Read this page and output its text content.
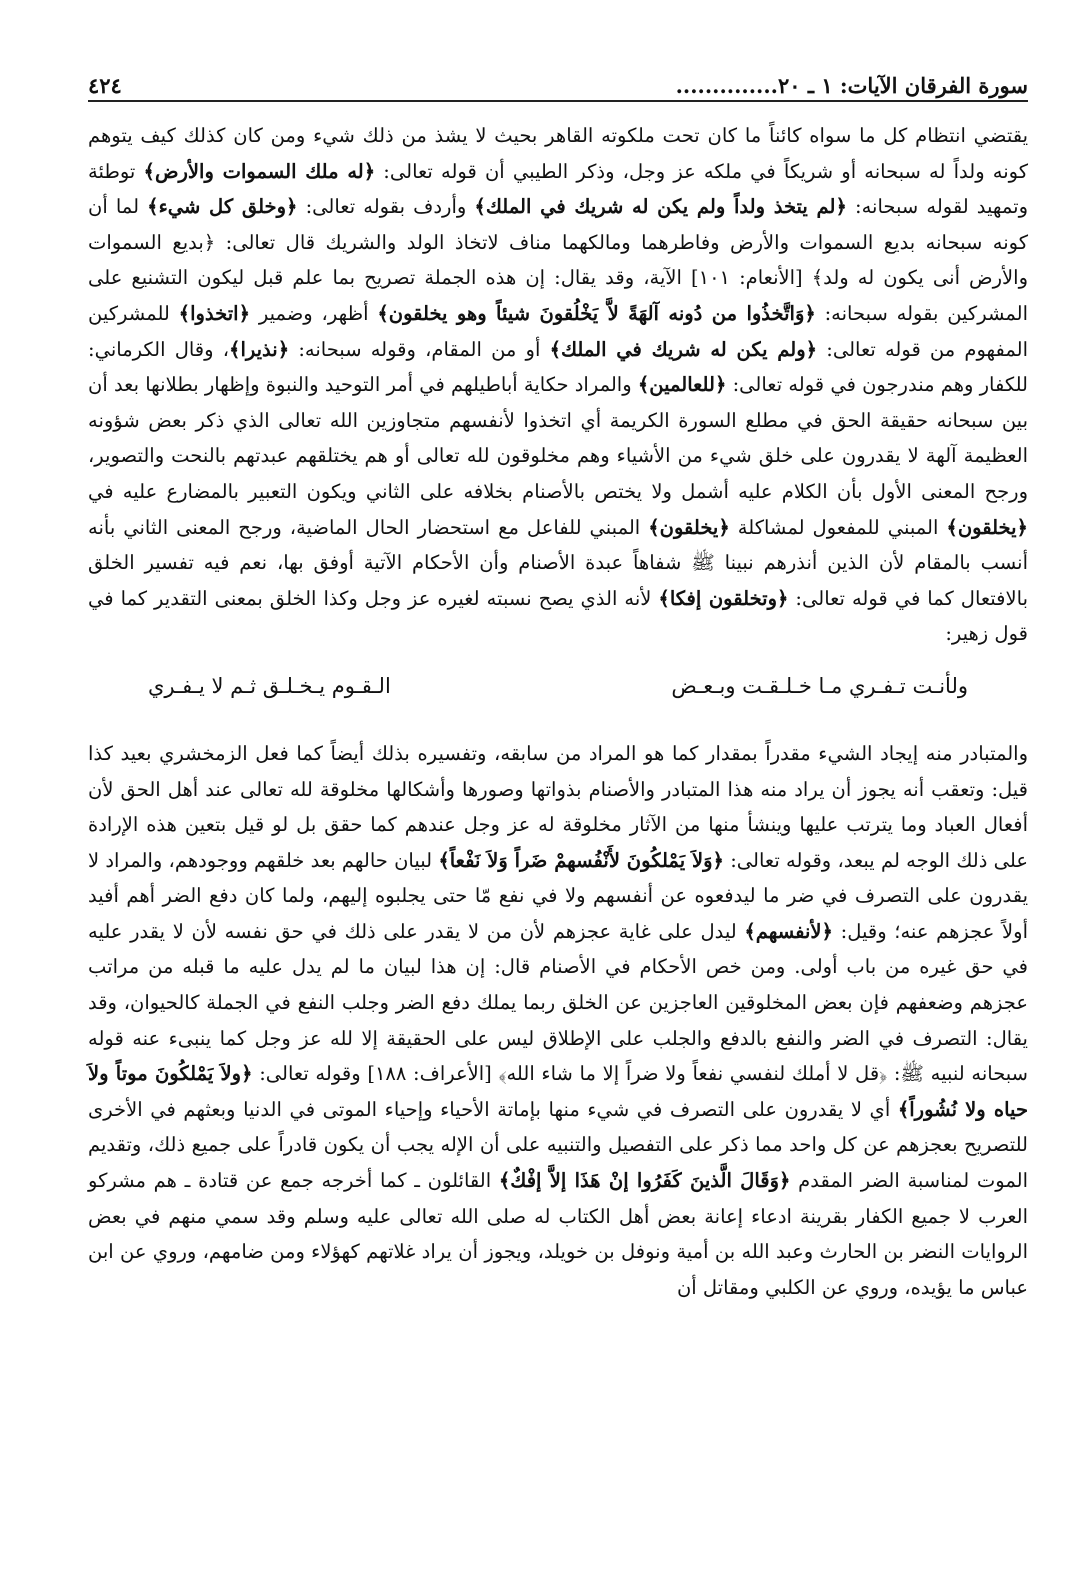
سورة الفرقان الآيات: ١ ـ ٢٠
..............
٤٢٤

يقتضي انتظام كل ما سواه كائناً ما كان تحت ملكوته القاهر بحيث لا يشذ من ذلك شيء ومن كان كذلك كيف يتوهم كونه ولداً له سبحانه أو شريكاً في ملكه عز وجل، وذكر الطيبي أن قوله تعالى: ﴿له ملك السموات والأرض﴾ توطئة وتمهيد لقوله سبحانه: ﴿لم يتخذ ولداً ولم يكن له شريك في الملك﴾ وأردف بقوله تعالى: ﴿وخلق كل شيء﴾ لما أن كونه سبحانه بديع السموات والأرض وفاطرهما ومالكهما مناف لاتخاذ الولد والشريك قال تعالى: ﴿بديع السموات والأرض أنى يكون له ولد﴾ [الأنعام: ١٠١] الآية، وقد يقال: إن هذه الجملة تصريح بما علم قبل ليكون التشنيع على المشركين بقوله سبحانه: ﴿وَاتَّخذُوا من دُونه آلهَةً لاَّ يَخْلُقونَ شيئاً وهو يخلقون﴾ أظهر، وضمير ﴿اتخذوا﴾ للمشركين المفهوم من قوله تعالى: ﴿ولم يكن له شريك في الملك﴾ أو من المقام، وقوله سبحانه: ﴿نذيرا﴾، وقال الكرماني: للكفار وهم مندرجون في قوله تعالى: ﴿للعالمين﴾ والمراد حكاية أباطيلهم في أمر التوحيد والنبوة وإظهار بطلانها بعد أن بين سبحانه حقيقة الحق في مطلع السورة الكريمة أي اتخذوا لأنفسهم متجاوزين الله تعالى الذي ذكر بعض شؤونه العظيمة آلهة لا يقدرون على خلق شيء من الأشياء وهم مخلوقون لله تعالى أو هم يختلقهم عبدتهم بالنحت والتصوير، ورجح المعنى الأول بأن الكلام عليه أشمل ولا يختص بالأصنام بخلافه على الثاني ويكون التعبير بالمضارع عليه في ﴿يخلقون﴾ المبني للمفعول لمشاكلة ﴿يخلقون﴾ المبني للفاعل مع استحضار الحال الماضية، ورجح المعنى الثاني بأنه أنسب بالمقام لأن الذين أنذرهم نبينا ﷺ شفاهاً عبدة الأصنام وأن الأحكام الآتية أوفق بها، نعم فيه تفسير الخلق بالافتعال كما في قوله تعالى: ﴿وتخلقون إفكا﴾ لأنه الذي يصح نسبته لغيره عز وجل وكذا الخلق بمعنى التقدير كما في قول زهير:

ولأنـت تـفـري مـا خـلـقـت وبـعـض
الـقـوم يـخـلـق ثـم لا يـفـري

والمتبادر منه إيجاد الشيء مقدراً بمقدار كما هو المراد من سابقه، وتفسيره بذلك أيضاً كما فعل الزمخشري بعيد كذا قيل: وتعقب أنه يجوز أن يراد منه هذا المتبادر والأصنام بذواتها وصورها وأشكالها مخلوقة لله تعالى عند أهل الحق لأن أفعال العباد وما يترتب عليها وينشأ منها من الآثار مخلوقة له عز وجل عندهم كما حقق بل لو قيل بتعين هذه الإرادة على ذلك الوجه لم يبعد، وقوله تعالى: ﴿وَلاَ يَمْلكُونَ لأَنْفُسهمْ ضَراً وَلاَ نَفْعاً﴾ لبيان حالهم بعد خلقهم ووجودهم، والمراد لا يقدرون على التصرف في ضر ما ليدفعوه عن أنفسهم ولا في نفع مّا حتى يجلبوه إليهم، ولما كان دفع الضر أهم أفيد أولاً عجزهم عنه؛ وقيل: ﴿لأنفسهم﴾ ليدل على غاية عجزهم لأن من لا يقدر على ذلك في حق نفسه لأن لا يقدر عليه في حق غيره من باب أولى. ومن خص الأحكام في الأصنام قال: إن هذا لبيان ما لم يدل عليه ما قبله من مراتب عجزهم وضعفهم فإن بعض المخلوقين العاجزين عن الخلق ربما يملك دفع الضر وجلب النفع في الجملة كالحيوان، وقد يقال: التصرف في الضر والنفع بالدفع والجلب على الإطلاق ليس على الحقيقة إلا لله عز وجل كما ينبىء عنه قوله سبحانه لنبيه ﷺ: ﴿قل لا أملك لنفسي نفعاً ولا ضراً إلا ما شاء الله﴾ [الأعراف: ١٨٨] وقوله تعالى: ﴿ولاَ يَمْلكُونَ موتاً ولاَ حياه ولا نُشُوراً﴾ أي لا يقدرون على التصرف في شيء منها بإماتة الأحياء وإحياء الموتى في الدنيا وبعثهم في الأخرى للتصريح بعجزهم عن كل واحد مما ذكر على التفصيل والتنبيه على أن الإله يجب أن يكون قادراً على جميع ذلك، وتقديم الموت لمناسبة الضر المقدم ﴿وَقَالَ الَّذينَ كَفَرُوا إنْ هَذَا إلاَّ إفْكٌ﴾ القائلون ـ كما أخرجه جمع عن قتادة ـ هم مشركو العرب لا جميع الكفار بقرينة ادعاء إعانة بعض أهل الكتاب له صلى الله تعالى عليه وسلم وقد سمي منهم في بعض الروايات النضر بن الحارث وعبد الله بن أمية ونوفل بن خويلد، ويجوز أن يراد غلاتهم كهؤلاء ومن ضامهم، وروي عن ابن عباس ما يؤيده، وروي عن الكلبي ومقاتل أن
